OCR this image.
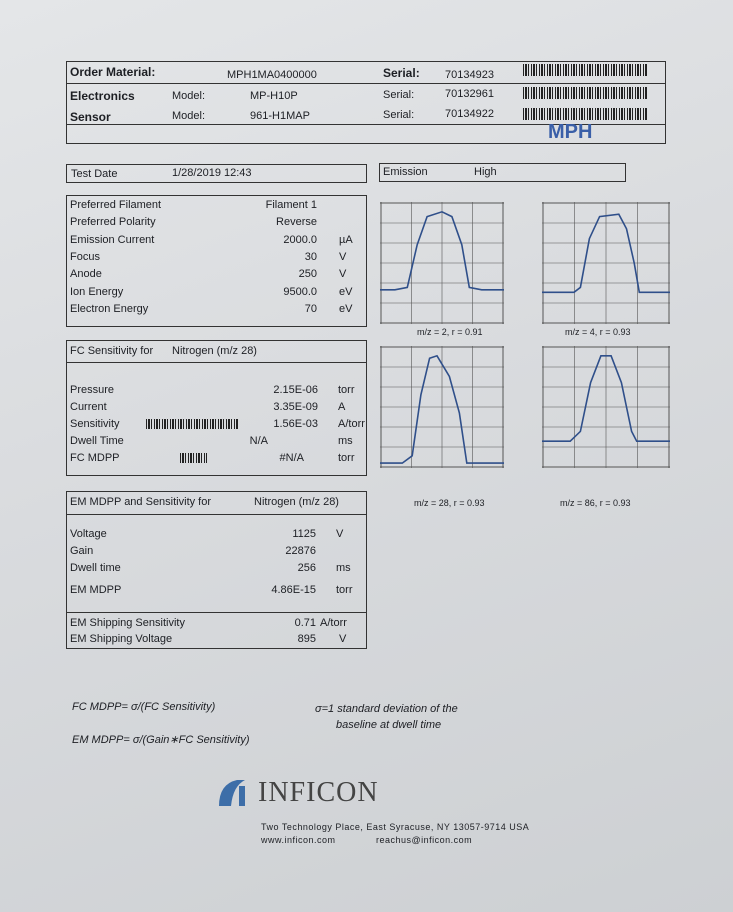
Order Material:	MPH1MA0400000	Serial: 70134923
Electronics	Model:	MP-H10P	Serial:	70132961
Sensor	Model:	961-H1MAP	Serial:	70134922
MPH
Test Date	1/28/2019 12:43	Emission	High
Preferred Filament	Filament 1
Preferred Polarity	Reverse
Emission Current	2000.0 µA
Focus	30 V
Anode	250 V
Ion Energy	9500.0 eV
Electron Energy	70 eV
FC Sensitivity for Nitrogen (m/z 28)
Pressure	2.15E-06 torr
Current	3.35E-09 A
Sensitivity	1.56E-03 A/torr
Dwell Time	N/A	ms
FC MDPP	#N/A	torr
EM MDPP and Sensitivity for	Nitrogen (m/z 28)
Voltage	1125 V
Gain	22876
Dwell time	256 ms
EM MDPP	4.86E-15 torr
EM Shipping Sensitivity	0.71 A/torr
EM Shipping Voltage	895 V
m/z = 2, r = 0.91	m/z = 4, r = 0.93
m/z = 28, r = 0.93	m/z = 86, r = 0.93
FC MDPP= σ/(FC Sensitivity)
EM MDPP= σ/(Gain∗FC Sensitivity)
σ=1 standard deviation of the
baseline at dwell time
INFICON
Two Technology Place, East Syracuse, NY 13057-9714 USA
www.inficon.com	reachus@inficon.com
